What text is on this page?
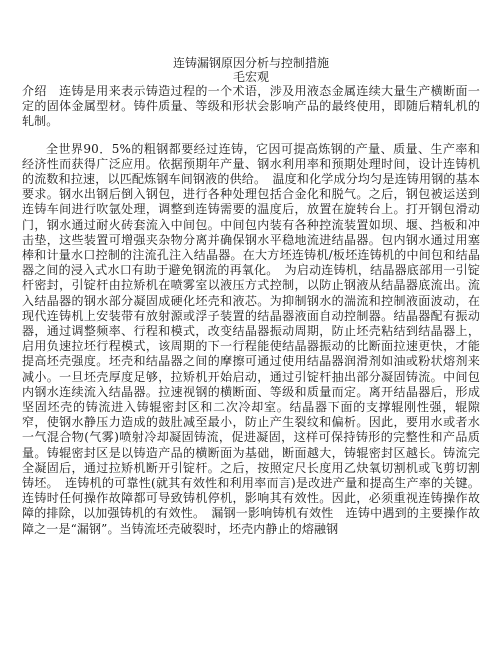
连铸漏钢原因分析与控制措施

毛宏观

介绍　连铸是用来表示铸造过程的一个术语，涉及用液态金属连续大量生产横断面一定的固体金属型材。铸件质量、等级和形状会影响产品的最终使用，即随后精轧机的轧制。

全世界90．5%的粗钢都要经过连铸，它因可提高炼钢的产量、质量、生产率和经济性而获得广泛应用。依据预期年产量、钢水利用率和预期处理时间，设计连铸机的流数和拉速，以匹配炼钢车间钢液的供给。　温度和化学成分均匀是连铸用钢的基本要求。钢水出钢后倒入钢包，进行各种处理包括合金化和脱气。之后，钢包被运送到连铸车间进行吹氩处理，调整到连铸需要的温度后，放置在旋转台上。打开钢包滑动门，钢水通过耐火砖套流入中间包。中间包内装有各种控流装置如坝、堰、挡板和冲击垫，这些装置可增强夹杂物分离并确保钢水平稳地流进结晶器。包内钢水通过用塞棒和计量水口控制的注流孔注入结晶器。在大方坯连铸机/板坯连铸机的中间包和结晶器之间的浸入式水口有助于避免钢流的再氧化。　为启动连铸机，结晶器底部用一引锭杆密封，引锭杆由拉矫机在喷雾室以液压方式控制，以防止钢液从结晶器底流出。流入结晶器的钢水部分凝固成硬化坯壳和液芯。为抑制钢水的湍流和控制液面波动，在现代连铸机上安装带有放射源或浮子装置的结晶器液面自动控制器。结晶器配有振动器，通过调整频率、行程和模式，改变结晶器振动周期，防止坯壳粘结到结晶器上，启用负速拉坯行程模式，该周期的下一行程能使结晶器振动的比断面拉速更快，才能提高坯壳强度。坯壳和结晶器之间的摩擦可通过使用结晶器润滑剂如油或粉状熔剂来减小。一旦坯壳厚度足够，拉矫机开始启动，通过引锭杆抽出部分凝固铸流。中间包内钢水连续流入结晶器。拉速视钢的横断面、等级和质量而定。离开结晶器后，形成坚固坯壳的铸流进入铸辊密封区和二次冷却室。结晶器下面的支撑辊刚性强，辊隙窄，使钢水静压力造成的鼓肚减至最小，防止产生裂纹和偏析。因此，要用水或者水一气混合物(气雾)喷射冷却凝固铸流，促进凝固，这样可保持铸形的完整性和产品质量。铸辊密封区是以铸造产品的横断面为基础，断面越大，铸辊密封区越长。铸流完全凝固后，通过拉矫机断开引锭杆。之后，按照定尺长度用乙炔氧切割机或飞剪切割铸坯。　连铸机的可靠性(就其有效性和利用率而言)是改进产量和提高生产率的关键。连铸时任何操作故障都可导致铸机停机，影响其有效性。因此，必须重视连铸操作故障的排除，以加强铸机的有效性。　漏钢一影响铸机有效性　连铸中遇到的主要操作故障之一是“漏钢”。当铸流坯壳破裂时，坯壳内静止的熔融钢
